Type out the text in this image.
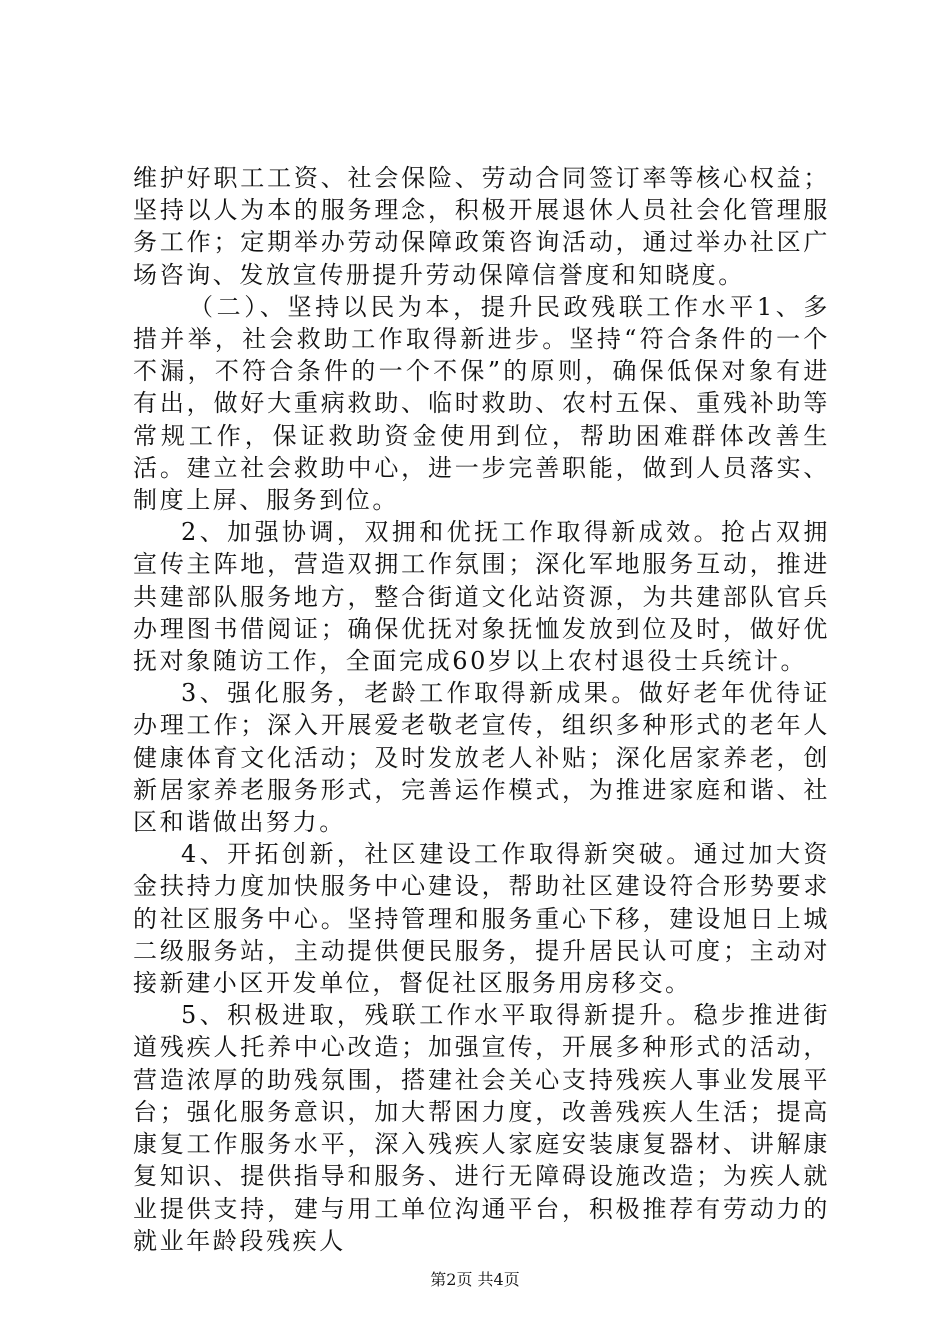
维护好职工工资、社会保险、劳动合同签订率等核心权益；坚持以人为本的服务理念，积极开展退休人员社会化管理服务工作；定期举办劳动保障政策咨询活动，通过举办社区广场咨询、发放宣传册提升劳动保障信誉度和知晓度。

（二）、坚持以民为本，提升民政残联工作水平1、多措并举，社会救助工作取得新进步。坚持“符合条件的一个不漏，不符合条件的一个不保”的原则，确保低保对象有进有出，做好大重病救助、临时救助、农村五保、重残补助等常规工作，保证救助资金使用到位，帮助困难群体改善生活。建立社会救助中心，进一步完善职能，做到人员落实、制度上屏、服务到位。

2、加强协调，双拥和优抚工作取得新成效。抢占双拥宣传主阵地，营造双拥工作氛围；深化军地服务互动，推进共建部队服务地方，整合街道文化站资源，为共建部队官兵办理图书借阅证；确保优抚对象抚恤发放到位及时，做好优抚对象随访工作，全面完成60岁以上农村退役士兵统计。

3、强化服务，老龄工作取得新成果。做好老年优待证办理工作；深入开展爱老敬老宣传，组织多种形式的老年人健康体育文化活动；及时发放老人补贴；深化居家养老，创新居家养老服务形式，完善运作模式，为推进家庭和谐、社区和谐做出努力。

4、开拓创新，社区建设工作取得新突破。通过加大资金扶持力度加快服务中心建设，帮助社区建设符合形势要求的社区服务中心。坚持管理和服务重心下移，建设旭日上城二级服务站，主动提供便民服务，提升居民认可度；主动对接新建小区开发单位，督促社区服务用房移交。

5、积极进取，残联工作水平取得新提升。稳步推进街道残疾人托养中心改造；加强宣传，开展多种形式的活动，营造浓厚的助残氛围，搭建社会关心支持残疾人事业发展平台；强化服务意识，加大帮困力度，改善残疾人生活；提高康复工作服务水平，深入残疾人家庭安装康复器材、讲解康复知识、提供指导和服务、进行无障碍设施改造；为疾人就业提供支持，建与用工单位沟通平台，积极推荐有劳动力的就业年龄段残疾人

第2页 共4页
